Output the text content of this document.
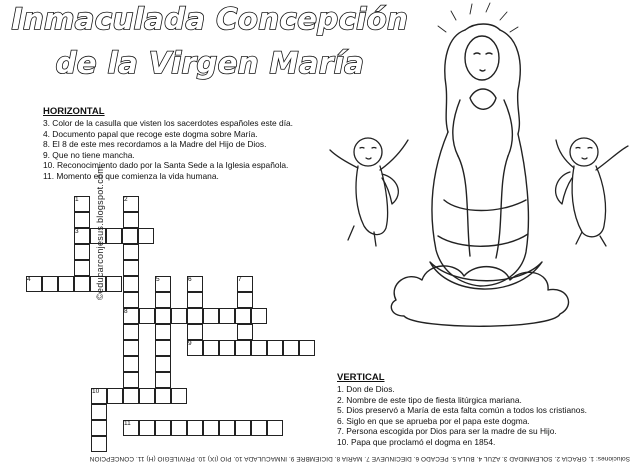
Inmaculada Concepción
de la Virgen María
HORIZONTAL
3. Color de la casulla que visten los sacerdotes españoles este día.
4. Documento papal que recoge este dogma sobre María.
8. El 8 de este mes recordamos a la Madre del Hijo de Dios.
9. Que no tiene mancha.
10. Reconocimiento dado por la Santa Sede a la Iglesia española.
11. Momento en que comienza la vida humana.
VERTICAL
1. Don de Dios.
2. Nombre de este tipo de fiesta litúrgica mariana.
5. Dios preservó a María de esta falta común a todos los cristianos.
6. Siglo en que se aprueba por el papa este dogma.
7. Persona escogida por Dios para ser la madre de su Hijo.
10. Papa que proclamó el dogma en 1854.
1	2
3
4	5	6	7
8
9
10
11
©educarconjesus.blogspot.com
Soluciones: 1. GRACIA 2. SOLEMNIDAD 3. AZUL 4. BULA 5. PECADO 6. DIECINUEVE 7. MARIA 8. DICIEMBRE 9. INMACULADA 10. PIO (IX) 10. PRIVILEGIO (H) 11. CONCEPCION
